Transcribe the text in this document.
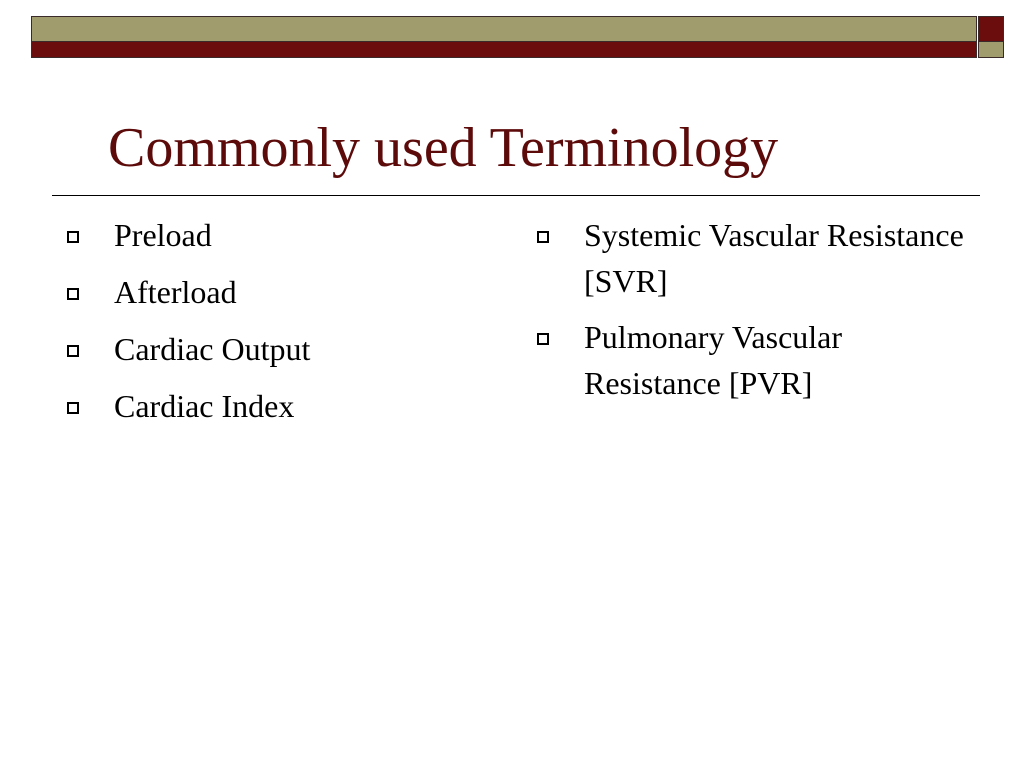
Commonly used Terminology
Preload
Afterload
Cardiac Output
Cardiac Index
Systemic Vascular Resistance [SVR]
Pulmonary Vascular Resistance [PVR]
